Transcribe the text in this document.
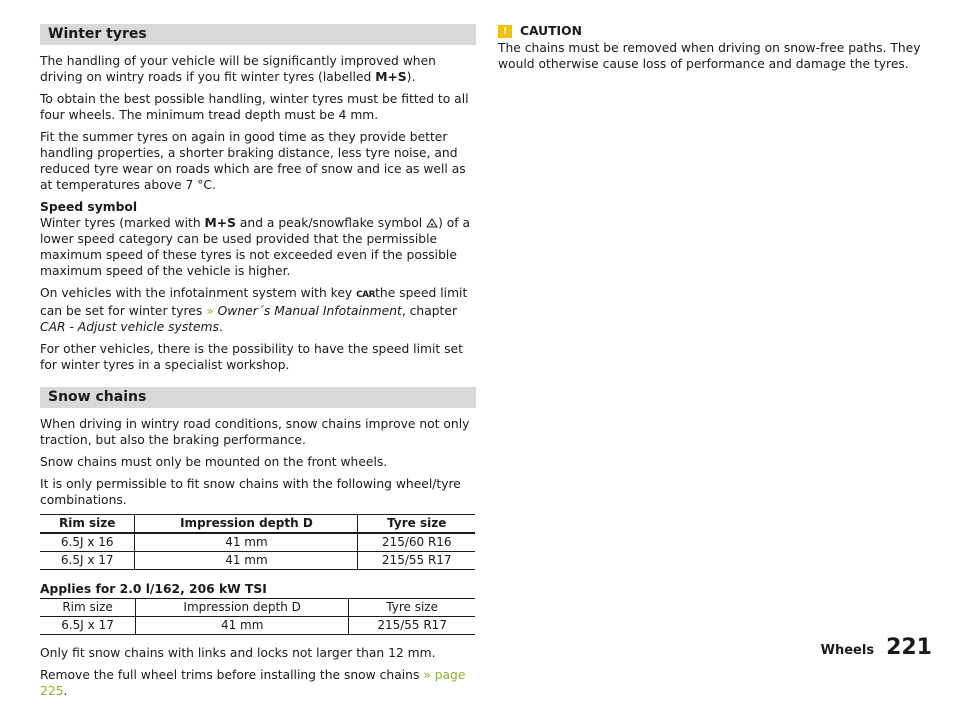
Winter tyres

The handling of your vehicle will be significantly improved when driving on wintry roads if you fit winter tyres (labelled M+S).

To obtain the best possible handling, winter tyres must be fitted to all four wheels. The minimum tread depth must be 4 mm.

Fit the summer tyres on again in good time as they provide better handling properties, a shorter braking distance, less tyre noise, and reduced tyre wear on roads which are free of snow and ice as well as at temperatures above 7 °C.

Speed symbol

Winter tyres (marked with M+S and a peak/snowflake symbol ) of a lower speed category can be used provided that the permissible maximum speed of these tyres is not exceeded even if the possible maximum speed of the vehicle is higher.

On vehicles with the infotainment system with key CARthe speed limit can be set for winter tyres » Owner´s Manual Infotainment, chapter CAR - Adjust vehicle systems.

For other vehicles, there is the possibility to have the speed limit set for winter tyres in a specialist workshop.

Snow chains

When driving in wintry road conditions, snow chains improve not only traction, but also the braking performance.

Snow chains must only be mounted on the front wheels.

It is only permissible to fit snow chains with the following wheel/tyre combinations.

Rim size	Impression depth D	Tyre size
6.5J x 16	41 mm	215/60 R16
6.5J x 17	41 mm	215/55 R17

Applies for 2.0 l/162, 206 kW TSI

Rim size	Impression depth D	Tyre size
6.5J x 17	41 mm	215/55 R17

Only fit snow chains with links and locks not larger than 12 mm.

Remove the full wheel trims before installing the snow chains » page 225.

!	CAUTION

The chains must be removed when driving on snow-free paths. They would otherwise cause loss of performance and damage the tyres.

Wheels 221
